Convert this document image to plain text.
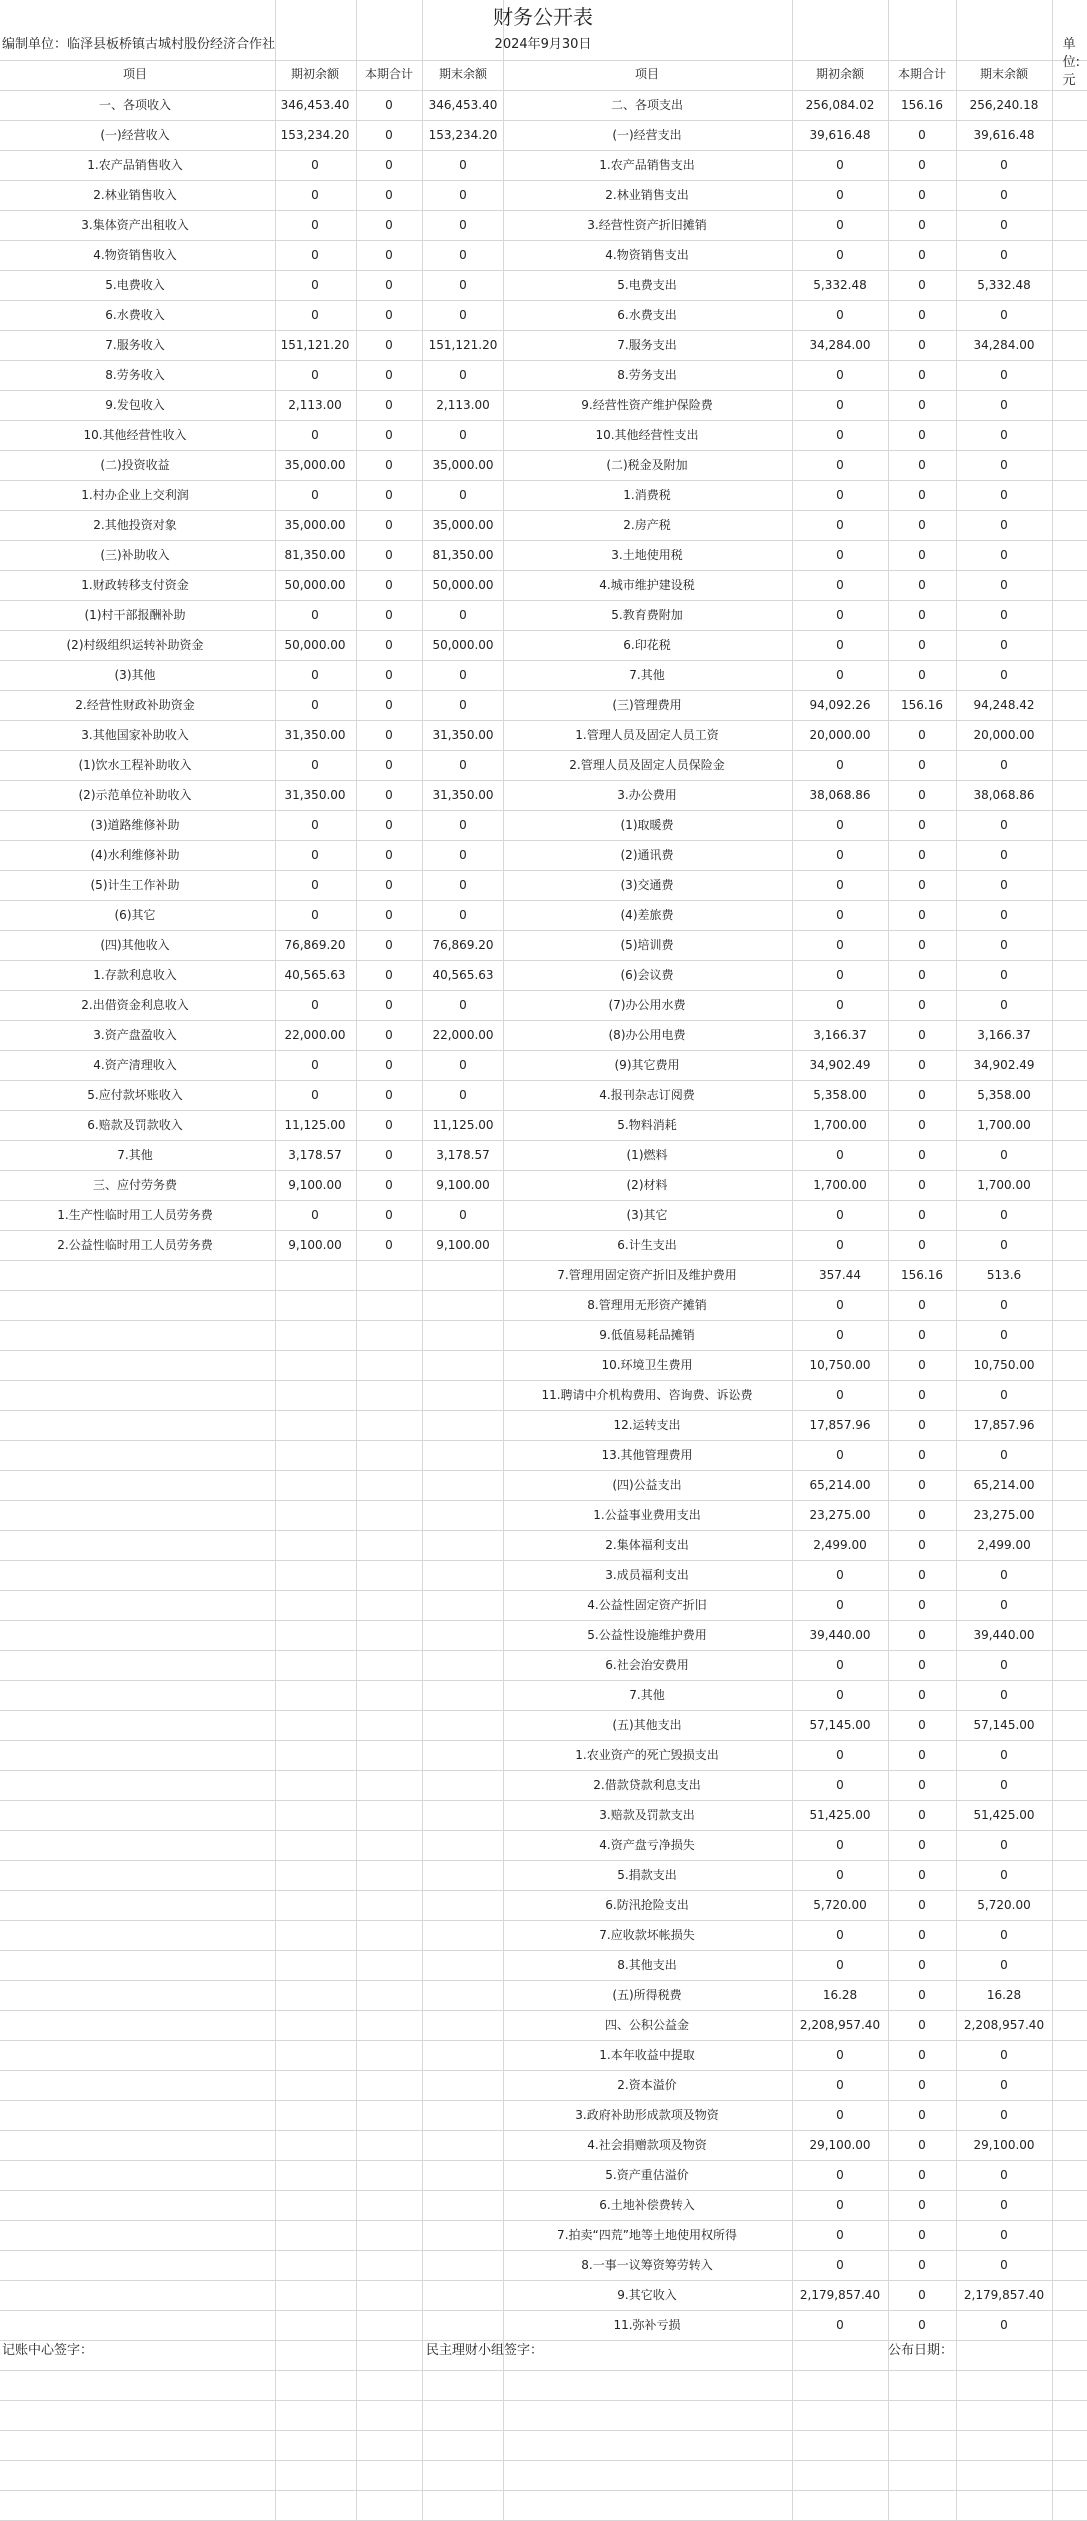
财务公开表
编制单位：临泽县板桥镇古城村股份经济合作社	2024年9月30日	单位:元
项目	期初余额 本期合计 期末余额	项目	期初余额	本期合计	期末余额
一、各项收入	346,453.40	0	346,453.40
(一)经营收入	153,234.20	0	153,234.20
1.农产品销售收入	0	0	0
2.林业销售收入	0	0	0
3.集体资产出租收入	0	0	0
4.物资销售收入	0	0	0
5.电费收入	0	0	0
6.水费收入	0	0	0
7.服务收入	151,121.20	0	151,121.20
8.劳务收入	0	0	0
9.发包收入	2,113.00	0	2,113.00
10.其他经营性收入	0	0	0
(二)投资收益	35,000.00	0	35,000.00
1.村办企业上交利润	0	0	0
2.其他投资对象	35,000.00	0	35,000.00
(三)补助收入	81,350.00	0	81,350.00
1.财政转移支付资金	50,000.00	0	50,000.00
(1)村干部报酬补助	0	0	0
(2)村级组织运转补助资金	50,000.00	0	50,000.00
(3)其他	0	0	0
2.经营性财政补助资金	0	0	0
3.其他国家补助收入	31,350.00	0	31,350.00
(1)饮水工程补助收入	0	0	0
(2)示范单位补助收入	31,350.00	0	31,350.00
(3)道路维修补助	0	0	0
(4)水利维修补助	0	0	0
(5)计生工作补助	0	0	0
(6)其它	0	0	0
(四)其他收入	76,869.20	0	76,869.20
1.存款利息收入	40,565.63	0	40,565.63
2.出借资金利息收入	0	0	0
3.资产盘盈收入	22,000.00	0	22,000.00
4.资产清理收入	0	0	0
5.应付款坏账收入	0	0	0
6.赔款及罚款收入	11,125.00	0	11,125.00
7.其他	3,178.57	0	3,178.57
三、应付劳务费	9,100.00	0	9,100.00
1.生产性临时用工人员劳务费	0	0	0
2.公益性临时用工人员劳务费	9,100.00	0	9,100.00
二、各项支出	256,084.02 156.16 256,240.18
(一)经营支出	39,616.48	0	39,616.48
1.农产品销售支出	0	0	0
2.林业销售支出	0	0	0
3.经营性资产折旧摊销	0	0	0
4.物资销售支出	0	0	0
5.电费支出	5,332.48	0	5,332.48
6.水费支出	0	0	0
7.服务支出	34,284.00	0	34,284.00
8.劳务支出	0	0	0
9.经营性资产维护保险费	0	0	0
10.其他经营性支出	0	0	0
(二)税金及附加	0	0	0
1.消费税	0	0	0
2.房产税	0	0	0
3.土地使用税	0	0	0
4.城市维护建设税	0	0	0
5.教育费附加	0	0	0
6.印花税	0	0	0
7.其他	0	0	0
(三)管理费用	94,092.26	156.16	94,248.42
1.管理人员及固定人员工资	20,000.00	0	20,000.00
2.管理人员及固定人员保险金	0	0	0
3.办公费用	38,068.86	0	38,068.86
(1)取暖费	0	0	0
(2)通讯费	0	0	0
(3)交通费	0	0	0
(4)差旅费	0	0	0
(5)培训费	0	0	0
(6)会议费	0	0	0
(7)办公用水费	0	0	0
(8)办公用电费	3,166.37	0	3,166.37
(9)其它费用	34,902.49	0	34,902.49
4.报刊杂志订阅费	5,358.00	0	5,358.00
5.物料消耗	1,700.00	0	1,700.00
(1)燃料	0	0	0
(2)材料	1,700.00	0	1,700.00
(3)其它	0	0	0
6.计生支出	0	0	0
7.管理用固定资产折旧及维护费用	357.44	156.16	513.6
8.管理用无形资产摊销	0	0	0
9.低值易耗品摊销	0	0	0
10.环境卫生费用	10,750.00	0	10,750.00
11.聘请中介机构费用、咨询费、诉讼费	0	0	0
12.运转支出	17,857.96	0	17,857.96
13.其他管理费用	0	0	0
(四)公益支出	65,214.00	0	65,214.00
1.公益事业费用支出	23,275.00	0	23,275.00
2.集体福利支出	2,499.00	0	2,499.00
3.成员福利支出	0	0	0
4.公益性固定资产折旧	0	0	0
5.公益性设施维护费用	39,440.00	0	39,440.00
6.社会治安费用	0	0	0
7.其他	0	0	0
(五)其他支出	57,145.00	0	57,145.00
1.农业资产的死亡毁损支出	0	0	0
2.借款贷款利息支出	0	0	0
3.赔款及罚款支出	51,425.00	0	51,425.00
4.资产盘亏净损失	0	0	0
5.捐款支出	0	0	0
6.防汛抢险支出	5,720.00	0	5,720.00
7.应收款坏帐损失	0	0	0
8.其他支出	0	0	0
(五)所得税费	16.28	0	16.28
四、公积公益金	2,208,957.40	0	2,208,957.40
1.本年收益中提取	0	0	0
2.资本溢价	0	0	0
3.政府补助形成款项及物资	0	0	0
4.社会捐赠款项及物资	29,100.00	0	29,100.00
5.资产重估溢价	0	0	0
6.土地补偿费转入	0	0	0
7.拍卖“四荒”地等土地使用权所得	0	0	0
8.一事一议筹资筹劳转入	0	0	0
9.其它收入	2,179,857.40	0	2,179,857.40
11.弥补亏损	0	0	0
记账中心签字：	民主理财小组签字：	公布日期：
